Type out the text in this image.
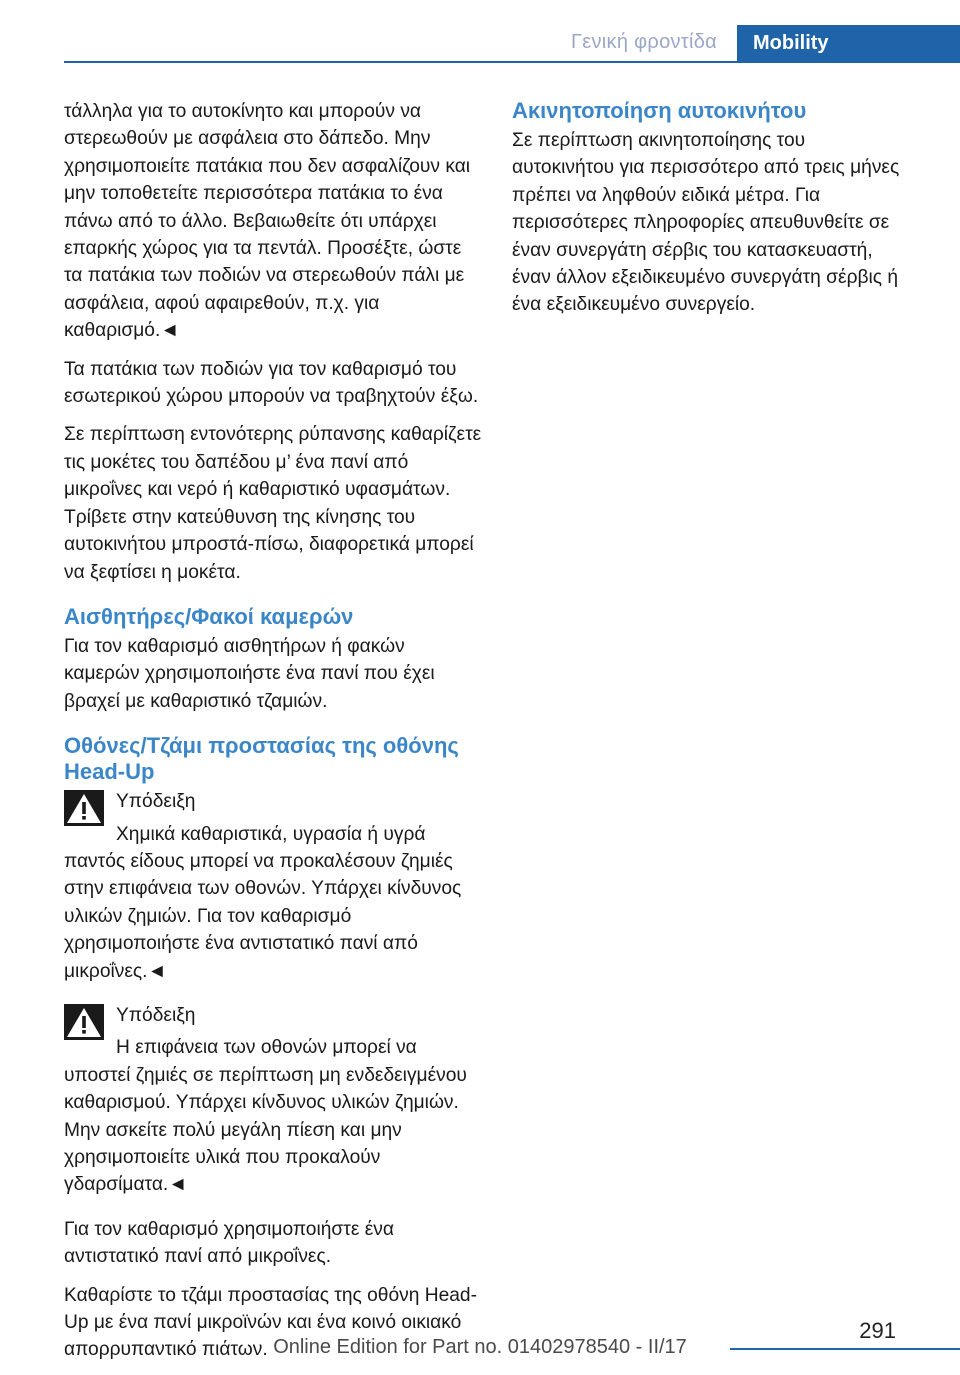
Γενική φροντίδα	Mobility

τάλληλα για το αυτοκίνητο και μπορούν να στερεωθούν με ασφάλεια στο δάπεδο. Μην χρησιμοποιείτε πατάκια που δεν ασφαλίζουν και μην τοποθετείτε περισσότερα πατάκια το ένα πάνω από το άλλο. Βεβαιωθείτε ότι υπάρχει επαρκής χώρος για τα πεντάλ. Προσέξτε, ώστε τα πατάκια των ποδιών να στερεωθούν πάλι με ασφάλεια, αφού αφαιρεθούν, π.χ. για καθαρισμό.◄

Τα πατάκια των ποδιών για τον καθαρισμό του εσωτερικού χώρου μπορούν να τραβηχτούν έξω.

Σε περίπτωση εντονότερης ρύπανσης καθαρίζετε τις μοκέτες του δαπέδου μ’ ένα πανί από μικροΐνες και νερό ή καθαριστικό υφασμάτων. Τρίβετε στην κατεύθυνση της κίνησης του αυτοκινήτου μπροστά-πίσω, διαφορετικά μπορεί να ξεφτίσει η μοκέτα.

Αισθητήρες/Φακοί καμερών

Για τον καθαρισμό αισθητήρων ή φακών καμερών χρησιμοποιήστε ένα πανί που έχει βραχεί με καθαριστικό τζαμιών.

Οθόνες/Τζάμι προστασίας της οθόνης Head-Up
Υπόδειξη
Χημικά καθαριστικά, υγρασία ή υγρά παντός είδους μπορεί να προκαλέσουν ζημιές στην επιφάνεια των οθονών. Υπάρχει κίνδυνος υλικών ζημιών. Για τον καθαρισμό χρησιμοποιήστε ένα αντιστατικό πανί από μικροΐνες.◄
Υπόδειξη
Η επιφάνεια των οθονών μπορεί να υποστεί ζημιές σε περίπτωση μη ενδεδειγμένου καθαρισμού. Υπάρχει κίνδυνος υλικών ζημιών. Μην ασκείτε πολύ μεγάλη πίεση και μην χρησιμοποιείτε υλικά που προκαλούν γδαρσίματα.◄

Για τον καθαρισμό χρησιμοποιήστε ένα αντιστατικό πανί από μικροΐνες.

Καθαρίστε το τζάμι προστασίας της οθόνη Head-Up με ένα πανί μικροϊνών και ένα κοινό οικιακό απορρυπαντικό πιάτων.

Ακινητοποίηση αυτοκινήτου

Σε περίπτωση ακινητοποίησης του αυτοκινήτου για περισσότερο από τρεις μήνες πρέπει να ληφθούν ειδικά μέτρα. Για περισσότερες πληροφορίες απευθυνθείτε σε έναν συνεργάτη σέρβις του κατασκευαστή, έναν άλλον εξειδικευμένο συνεργάτη σέρβις ή ένα εξειδικευμένο συνεργείο.

291
Online Edition for Part no. 01402978540 - II/17
